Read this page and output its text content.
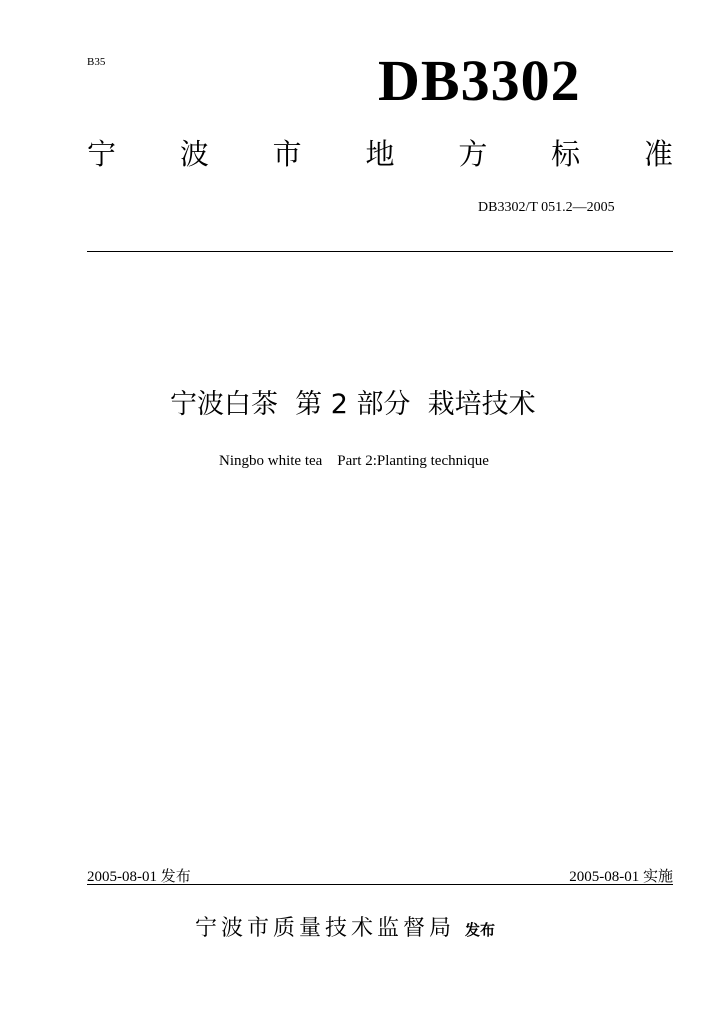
B35	DB3302
宁 波 市 地 方 标 准
DB3302/T 051.2—2005
宁波白茶  第 2 部分  栽培技术
Ningbo white tea    Part 2:Planting technique
2005-08-01 发布	2005-08-01 实施
宁波市质量技术监督局 发布
